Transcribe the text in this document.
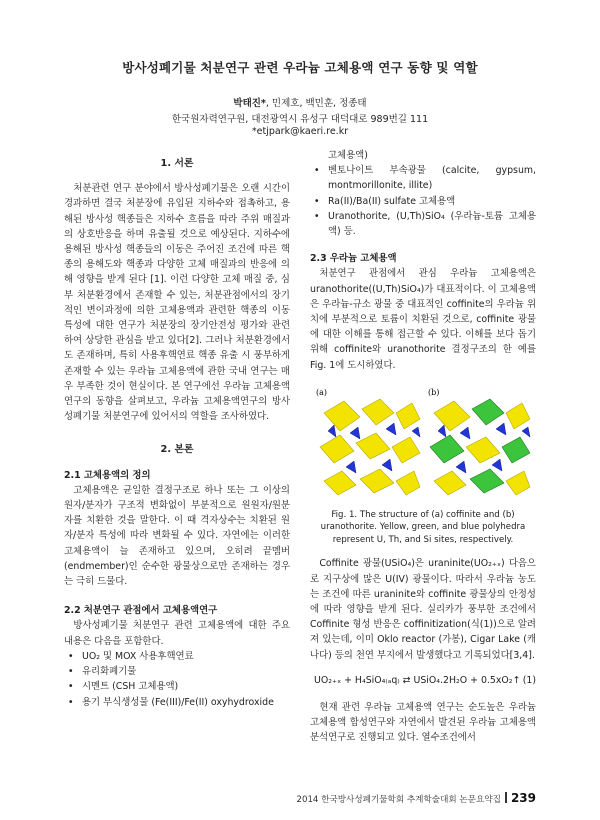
방사성폐기물 처분연구 관련 우라늄 고체용액 연구 동향 및 역할
박태진*, 민제호, 백민훈, 정종태
한국원자력연구원, 대전광역시 유성구 대덕대로 989번길 111
*etjpark@kaeri.re.kr
1. 서론

처분관련 연구 분야에서 방사성폐기물은 오랜 시간이 경과하면 결국 처분장에 유입된 지하수와 접촉하고, 용해된 방사성 핵종들은 지하수 흐름을 따라 주위 매질과의 상호반응을 하며 유출될 것으로 예상된다. 지하수에 용해된 방사성 핵종들의 이동은 주어진 조건에 따른 핵종의 용해도와 핵종과 다양한 고체 매질과의 반응에 의해 영향을 받게 된다 [1]. 이런 다양한 고체 매질 중, 심부 처분환경에서 존재할 수 있는, 처분관점에서의 장기적인 변이과정에 의한 고체용액과 관련한 핵종의 이동특성에 대한 연구가 처분장의 장기안전성 평가와 관련하여 상당한 관심을 받고 있다[2]. 그러나 처분환경에서도 존재하며, 특히 사용후핵연료 핵종 유출 시 풍부하게 존재할 수 있는 우라늄 고체용액에 관한 국내 연구는 매우 부족한 것이 현실이다. 본 연구에선 우라늄 고체용액 연구의 동향을 살펴보고, 우라늄 고체용액연구의 방사성폐기물 처분연구에 있어서의 역할을 조사하였다.

2. 본론
2.1 고체용액의 정의

고체용액은 균일한 결정구조로 하나 또는 그 이상의 원자/분자가 구조적 변화없이 부분적으로 원원자/원분자를 치환한 것을 말한다. 이 때 격자상수는 치환된 원자/분자 특성에 따라 변화될 수 있다. 자연에는 이러한 고체용액이 늘 존재하고 있으며, 오히려 끝멤버(endmember)인 순수한 광물상으로만 존재하는 경우는 극히 드물다.

2.2 처분연구 관점에서 고체용액연구

방사성폐기물 처분연구 관련 고체용액에 대한 주요 내용은 다음을 포함한다.

• UO₂ 및 MOX 사용후핵연료
• 유리화폐기물
• 시멘트 (CSH 고체용액)
• 용기 부식생성물 (Fe(III)/Fe(II) oxyhydroxide
고체용액)
• 벤토나이트 부속광물 (calcite, gypsum, montmorillonite, illite)
• Ra(II)/Ba(II) sulfate 고체용액
• Uranothorite, (U,Th)SiO₄ (우라늄-토륨 고체용액) 등.
2.3 우라늄 고체용액

처분연구 관점에서 관심 우라늄 고체용액은 uranothorite((U,Th)SiO₄)가 대표적이다. 이 고체용액은 우라늄-규소 광물 중 대표적인 coffinite의 우라늄 위치에 부분적으로 토륨이 치환된 것으로, coffinite 광물에 대한 이해를 통해 접근할 수 있다. 이해를 보다 돕기 위해 coffinite와 uranothorite 결정구조의 한 예를 Fig. 1에 도시하였다.

(a)	(b)
Fig. 1. The structure of (a) coffinite and (b) uranothorite. Yellow, green, and blue polyhedra represent U, Th, and Si sites, respectively.

Coffinite 광물(USiO₄)은 uraninite(UO₂₊ₓ) 다음으로 지구상에 많은 U(IV) 광물이다. 따라서 우라늄 농도는 조건에 따른 uraninite와 coffinite 광물상의 안정성에 따라 영향을 받게 된다. 실리카가 풍부한 조건에서 Coffinite 형성 반응은 coffinitization(식(1))으로 알려져 있는데, 이미 Oklo reactor (가봉), Cigar Lake (캐나다) 등의 천연 부지에서 발생했다고 기록되었다[3,4].

UO₂₊ₓ + H₄SiO₄₍ₐq₎ ⇄ USiO₄.2H₂O + 0.5xO₂↑ (1)

현재 관련 우라늄 고체용액 연구는 순도높은 우라늄 고체용액 합성연구와 자연에서 발견된 우라늄 고체용액 분석연구로 진행되고 있다. 열수조건에서

2014 한국방사성폐기물학회 추계학술대회 논문요약집 239
